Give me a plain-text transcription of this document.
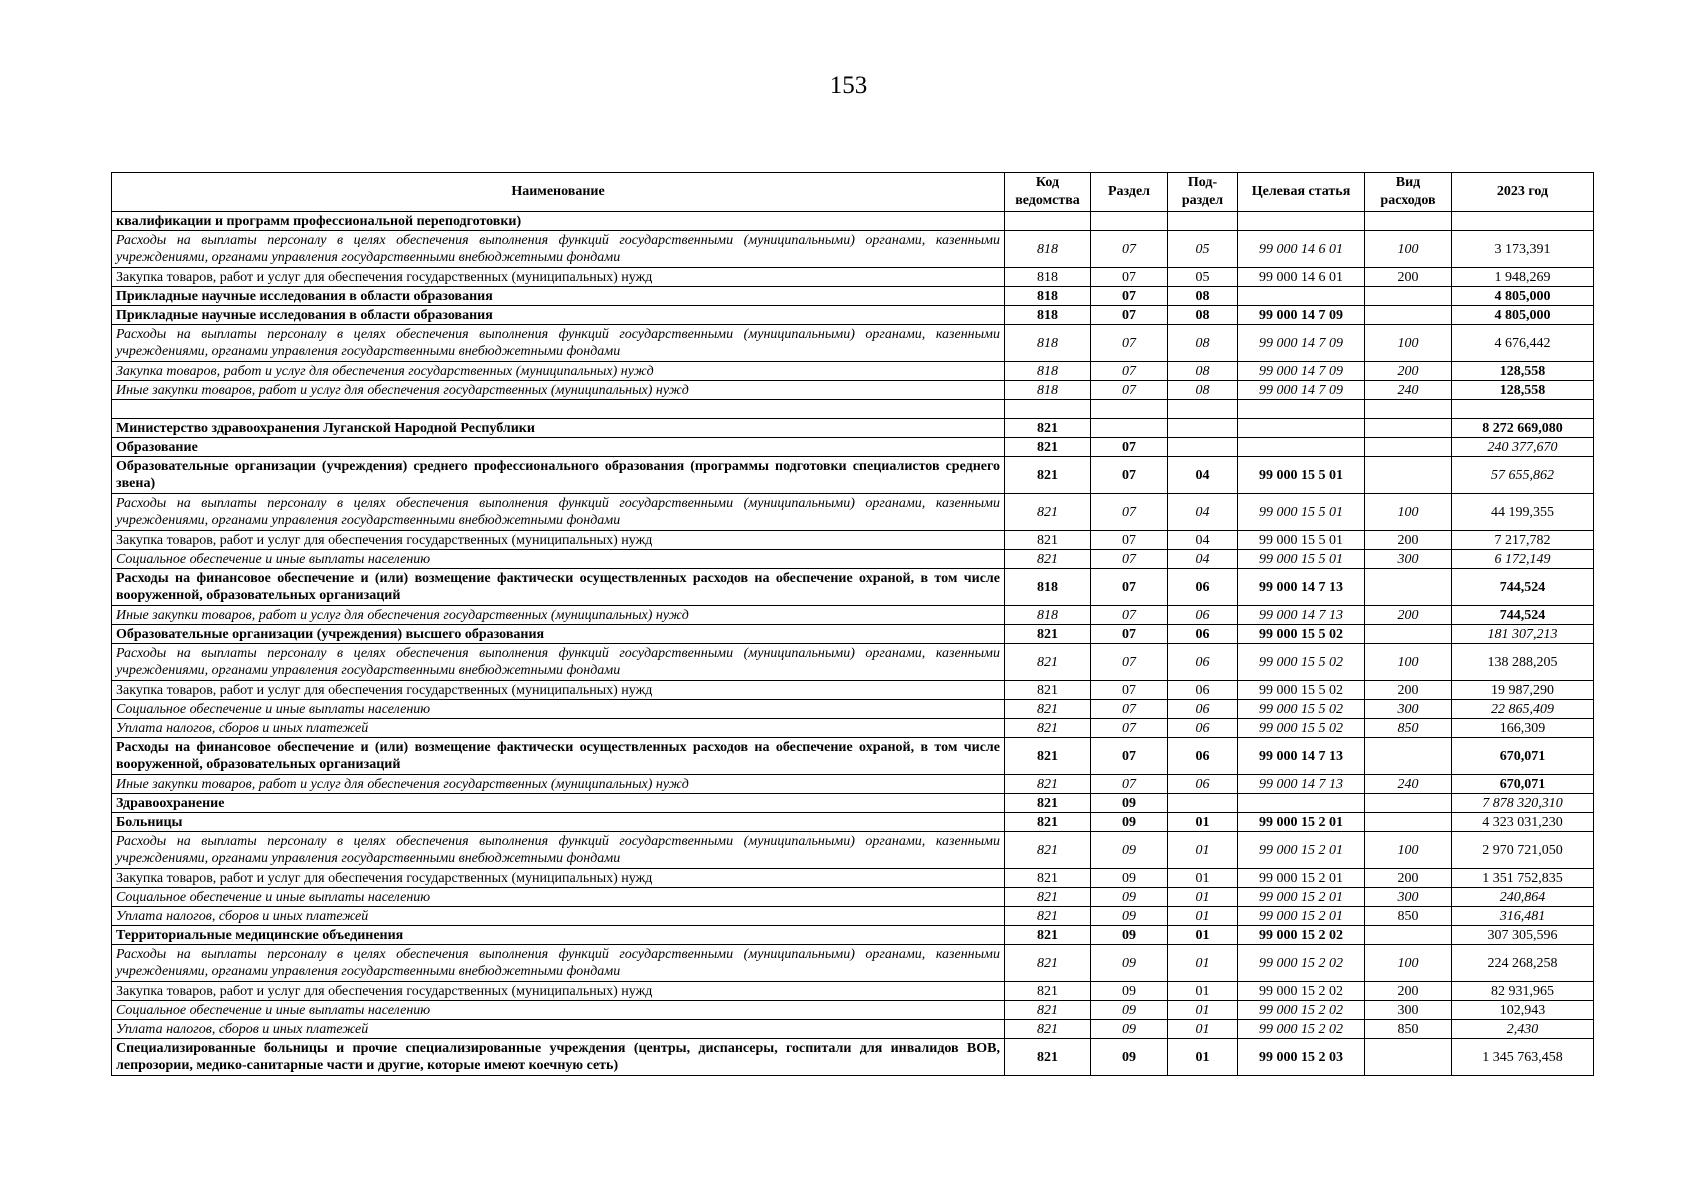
153
Наименование	Код ведомства	Раздел	Под-раздел	Целевая статья	Вид расходов	2023 год
квалификации и программ профессиональной переподготовки)						
Расходы на выплаты персоналу в целях обеспечения выполнения функций государственными (муниципальными) органами, казенными учреждениями, органами управления государственными внебюджетными фондами	818	07	05	99 000 14 6 01	100	3 173,391
Закупка товаров, работ и услуг для обеспечения государственных (муниципальных) нужд	818	07	05	99 000 14 6 01	200	1 948,269
Прикладные научные исследования в области образования	818	07	08			4 805,000
Прикладные научные исследования в области образования	818	07	08	99 000 14 7 09		4 805,000
Расходы на выплаты персоналу в целях обеспечения выполнения функций государственными (муниципальными) органами, казенными учреждениями, органами управления государственными внебюджетными фондами	818	07	08	99 000 14 7 09	100	4 676,442
Закупка товаров, работ и услуг для обеспечения государственных (муниципальных) нужд	818	07	08	99 000 14 7 09	200	128,558
Иные закупки товаров, работ и услуг для обеспечения государственных (муниципальных) нужд	818	07	08	99 000 14 7 09	240	128,558

Министерство здравоохранения Луганской Народной Республики	821					8 272 669,080
Образование	821	07				240 377,670
Образовательные организации (учреждения) среднего профессионального образования (программы подготовки специалистов среднего звена)	821	07	04	99 000 15 5 01		57 655,862
Расходы на выплаты персоналу в целях обеспечения выполнения функций государственными (муниципальными) органами, казенными учреждениями, органами управления государственными внебюджетными фондами	821	07	04	99 000 15 5 01	100	44 199,355
Закупка товаров, работ и услуг для обеспечения государственных (муниципальных) нужд	821	07	04	99 000 15 5 01	200	7 217,782
Социальное обеспечение и иные выплаты населению	821	07	04	99 000 15 5 01	300	6 172,149
Расходы на финансовое обеспечение и (или) возмещение фактически осуществленных расходов на обеспечение охраной, в том числе вооруженной, образовательных организаций	818	07	06	99 000 14 7 13		744,524
Иные закупки товаров, работ и услуг для обеспечения государственных (муниципальных) нужд	818	07	06	99 000 14 7 13	200	744,524
Образовательные организации (учреждения) высшего образования	821	07	06	99 000 15 5 02		181 307,213
Расходы на выплаты персоналу в целях обеспечения выполнения функций государственными (муниципальными) органами, казенными учреждениями, органами управления государственными внебюджетными фондами	821	07	06	99 000 15 5 02	100	138 288,205
Закупка товаров, работ и услуг для обеспечения государственных (муниципальных) нужд	821	07	06	99 000 15 5 02	200	19 987,290
Социальное обеспечение и иные выплаты населению	821	07	06	99 000 15 5 02	300	22 865,409
Уплата налогов, сборов и иных платежей	821	07	06	99 000 15 5 02	850	166,309
Расходы на финансовое обеспечение и (или) возмещение фактически осуществленных расходов на обеспечение охраной, в том числе вооруженной, образовательных организаций	821	07	06	99 000 14 7 13		670,071
Иные закупки товаров, работ и услуг для обеспечения государственных (муниципальных) нужд	821	07	06	99 000 14 7 13	240	670,071
Здравоохранение	821	09				7 878 320,310
Больницы	821	09	01	99 000 15 2 01		4 323 031,230
Расходы на выплаты персоналу в целях обеспечения выполнения функций государственными (муниципальными) органами, казенными учреждениями, органами управления государственными внебюджетными фондами	821	09	01	99 000 15 2 01	100	2 970 721,050
Закупка товаров, работ и услуг для обеспечения государственных (муниципальных) нужд	821	09	01	99 000 15 2 01	200	1 351 752,835
Социальное обеспечение и иные выплаты населению	821	09	01	99 000 15 2 01	300	240,864
Уплата налогов, сборов и иных платежей	821	09	01	99 000 15 2 01	850	316,481
Территориальные медицинские объединения	821	09	01	99 000 15 2 02		307 305,596
Расходы на выплаты персоналу в целях обеспечения выполнения функций государственными (муниципальными) органами, казенными учреждениями, органами управления государственными внебюджетными фондами	821	09	01	99 000 15 2 02	100	224 268,258
Закупка товаров, работ и услуг для обеспечения государственных (муниципальных) нужд	821	09	01	99 000 15 2 02	200	82 931,965
Социальное обеспечение и иные выплаты населению	821	09	01	99 000 15 2 02	300	102,943
Уплата налогов, сборов и иных платежей	821	09	01	99 000 15 2 02	850	2,430
Специализированные больницы и прочие специализированные учреждения (центры, диспансеры, госпитали для инвалидов ВОВ, лепрозории, медико-санитарные части и другие, которые имеют коечную сеть)	821	09	01	99 000 15 2 03		1 345 763,458
